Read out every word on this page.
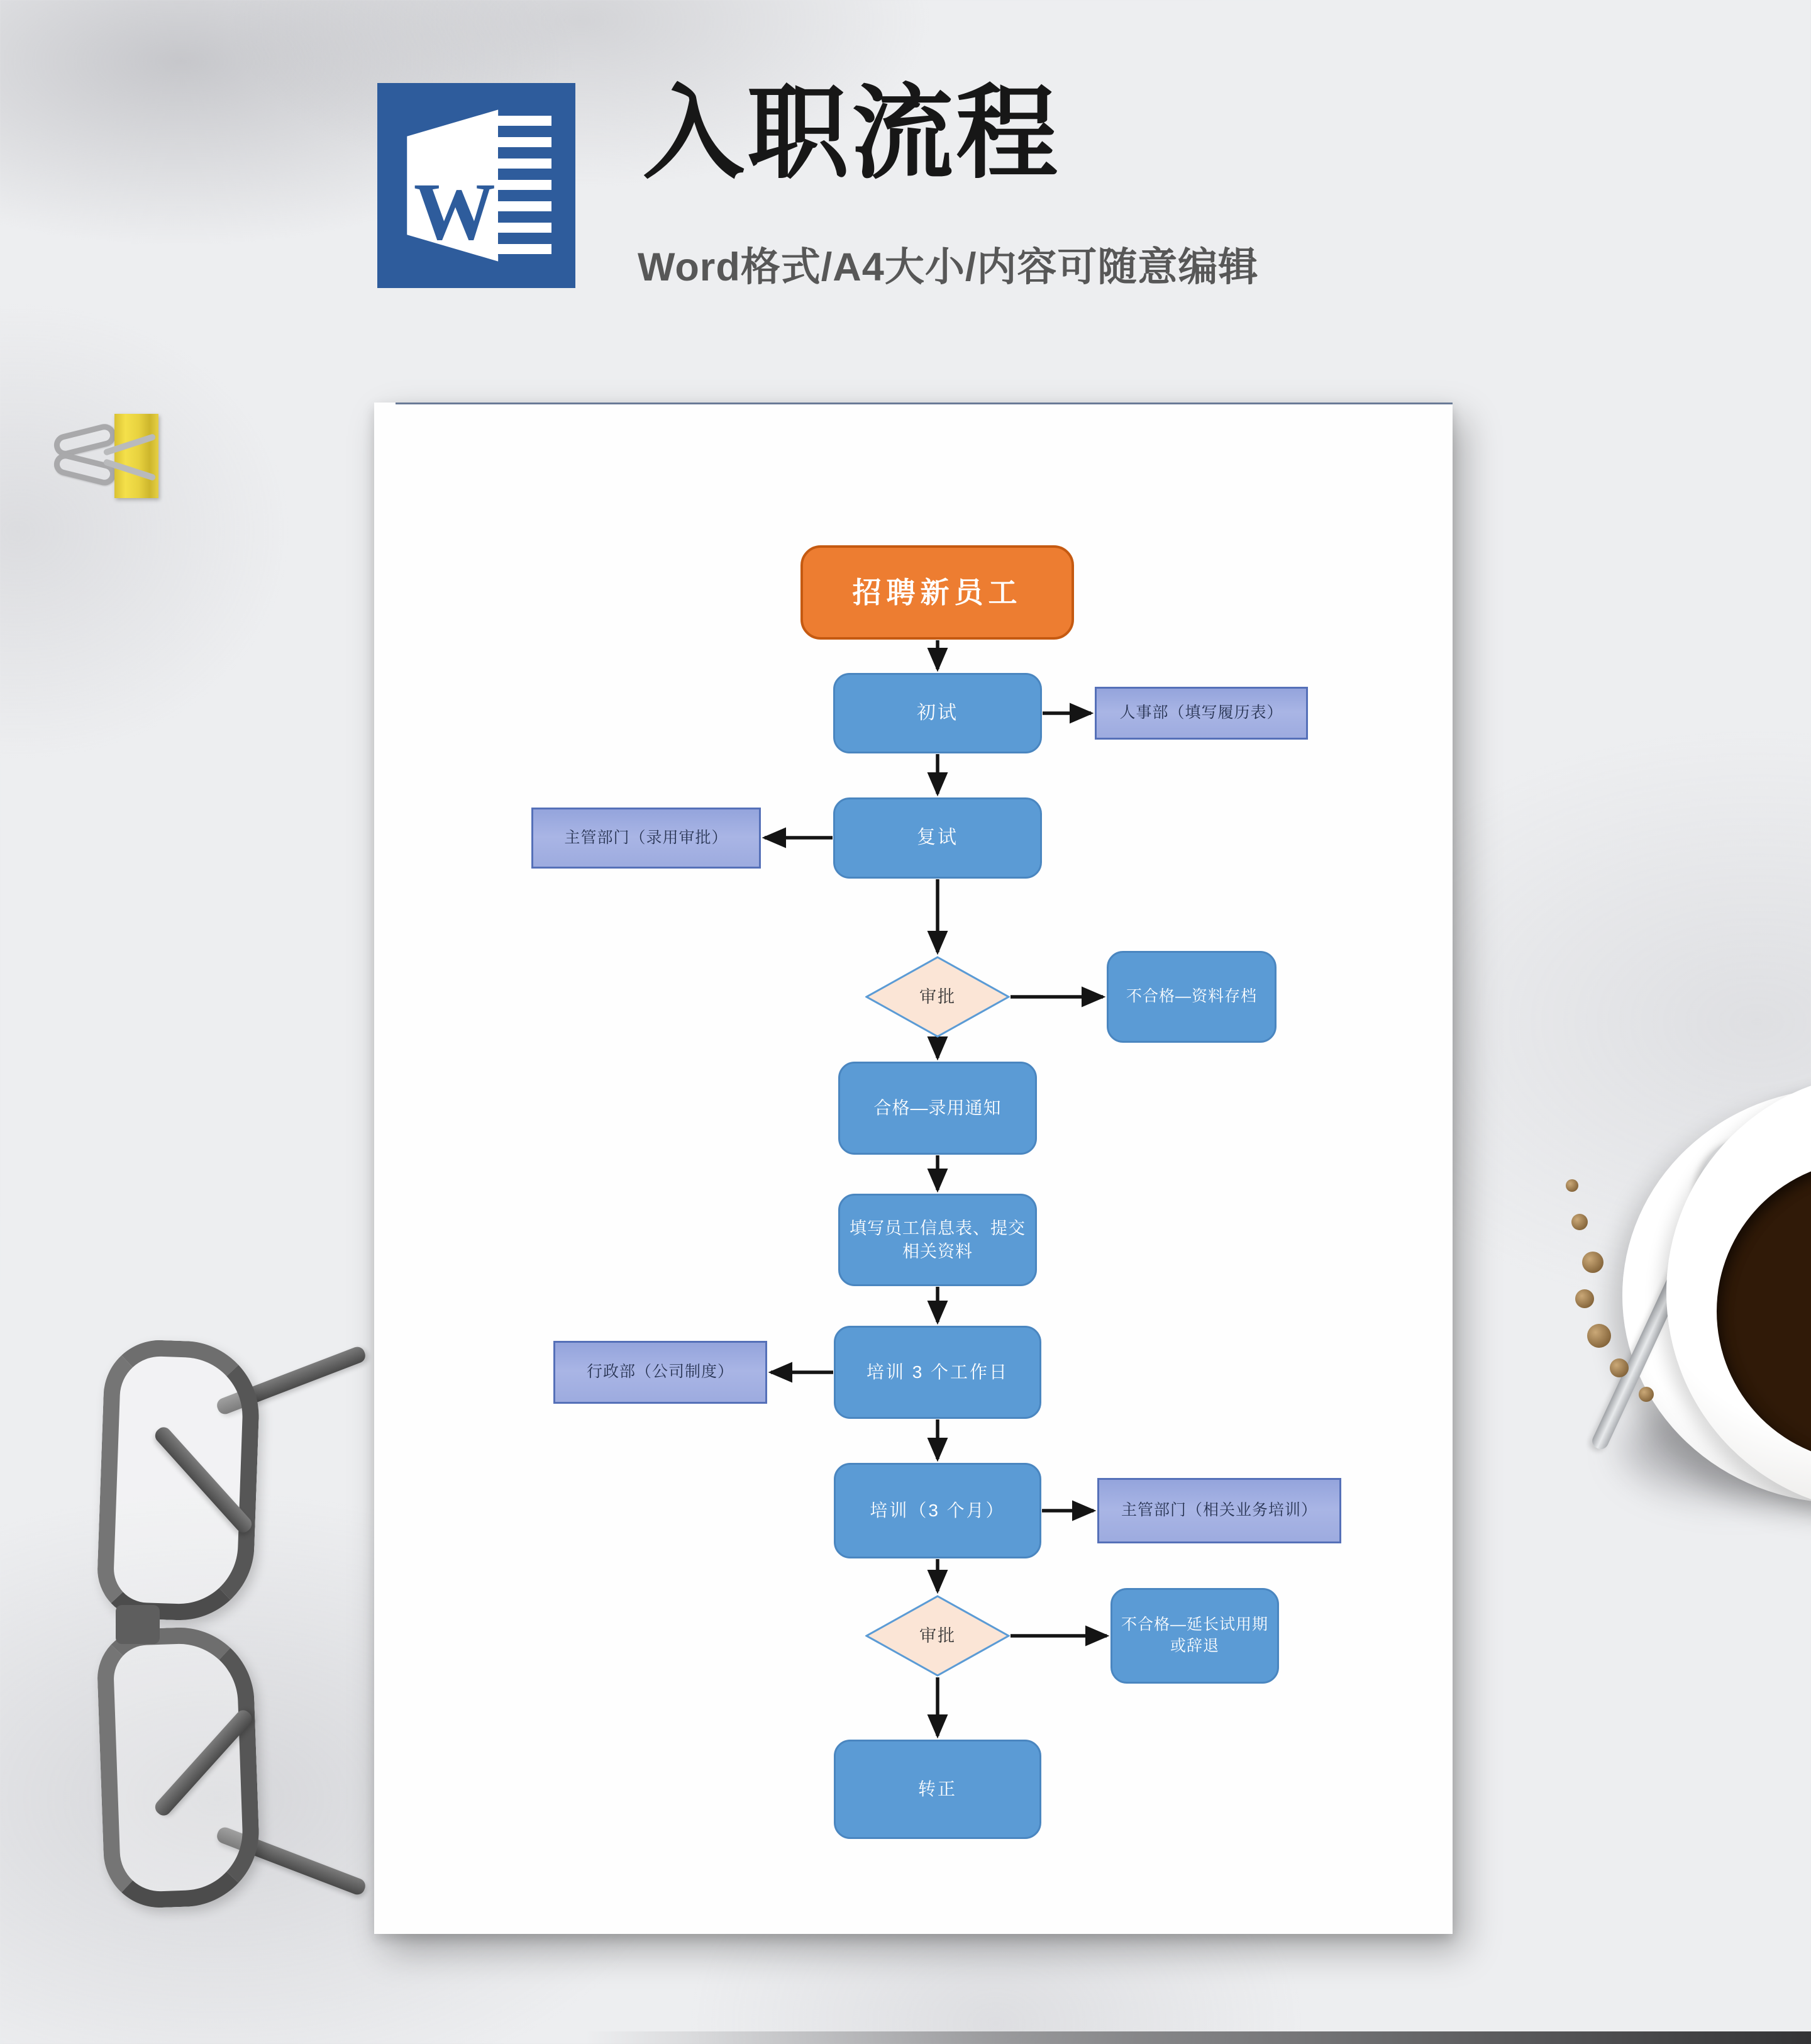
W
入职流程
Word格式/A4大小/内容可随意编辑
招聘新员工
初试	人事部（填写履历表）
复试
主管部门（录用审批）
审批	不合格—资料存档
合格—录用通知
填写员工信息表、提交相关资料
培训 3 个工作日
行政部（公司制度）
培训（3 个月）	主管部门（相关业务培训）
审批
不合格—延长试用期或辞退
转正
